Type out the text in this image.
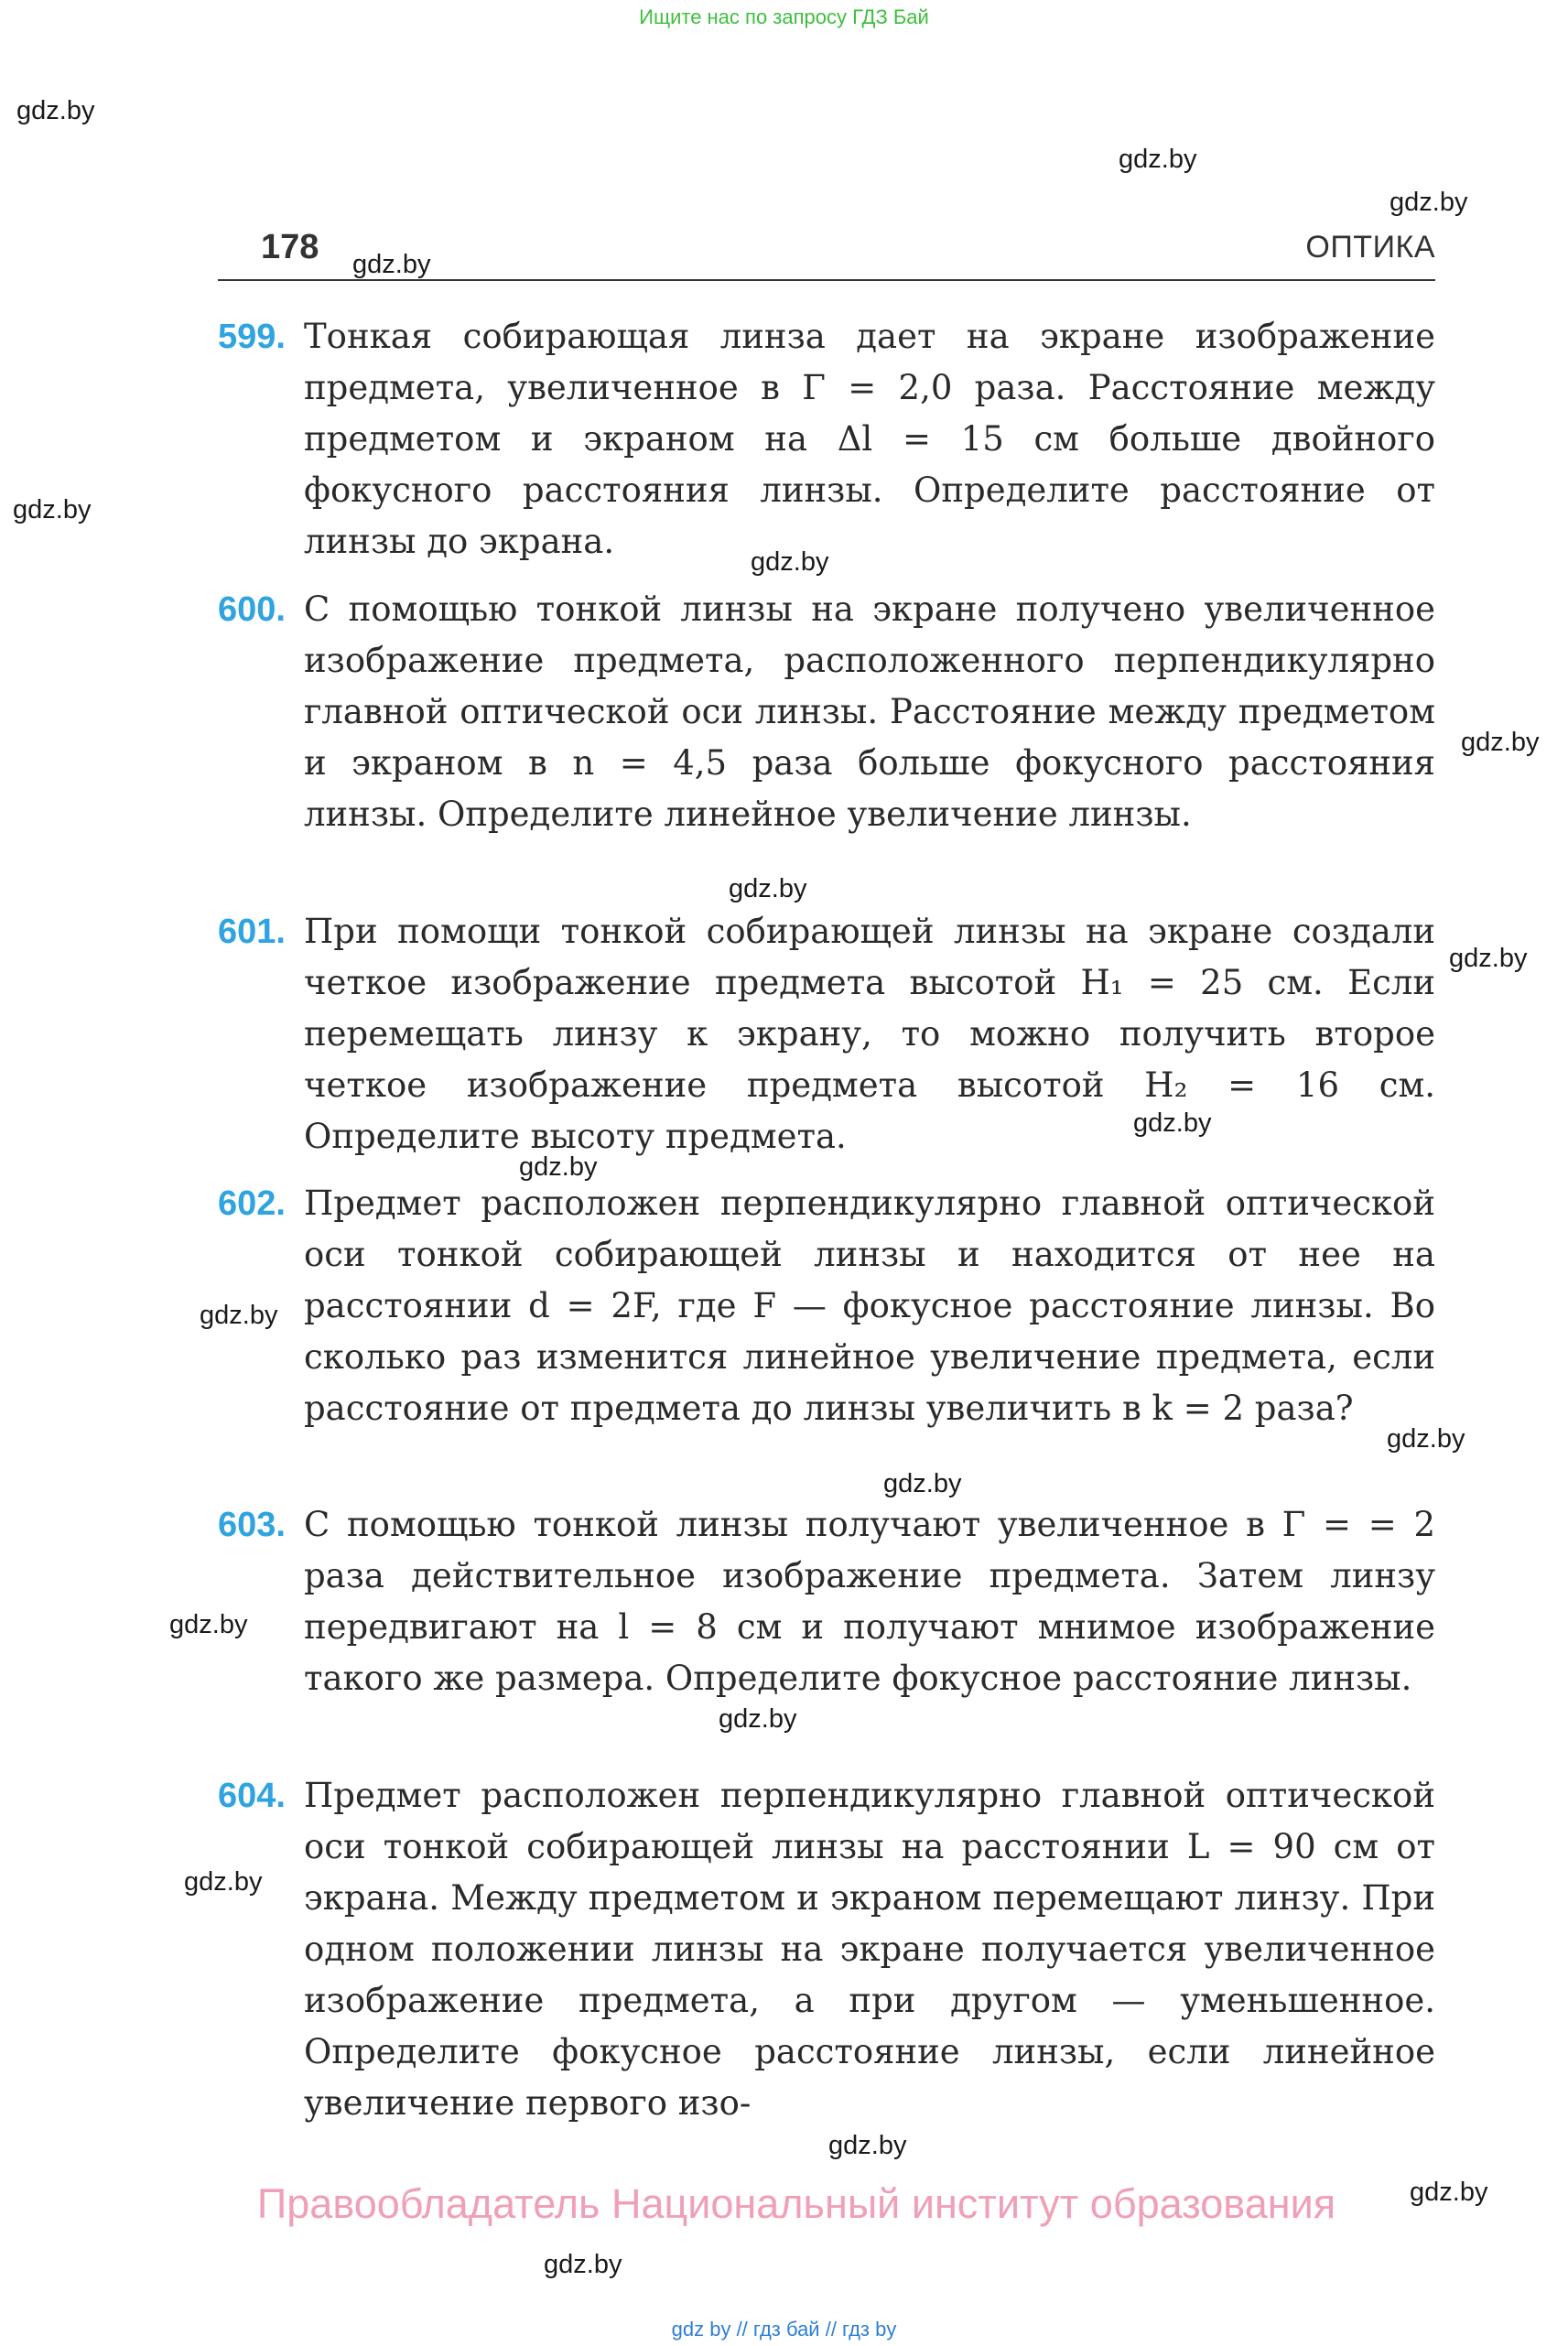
Ищите нас по запросу ГДЗ Бай
178	ОПТИКА
599. Тонкая собирающая линза дает на экране изображение предмета, увеличенное в Γ = 2,0 раза. Расстояние между предметом и экраном на Δl = 15 см больше двойного фокусного расстояния линзы. Определите расстояние от линзы до экрана.

600. С помощью тонкой линзы на экране получено увеличенное изображение предмета, расположенного перпендикулярно главной оптической оси линзы. Расстояние между предметом и экраном в n = 4,5 раза больше фокусного расстояния линзы. Определите линейное увеличение линзы.

601. При помощи тонкой собирающей линзы на экране создали четкое изображение предмета высотой H₁ = 25 см. Если перемещать линзу к экрану, то можно получить второе четкое изображение предмета высотой H₂ = 16 см. Определите высоту предмета.

602. Предмет расположен перпендикулярно главной оптической оси тонкой собирающей линзы и находится от нее на расстоянии d = 2F, где F — фокусное расстояние линзы. Во сколько раз изменится линейное увеличение предмета, если расстояние от предмета до линзы увеличить в k = 2 раза?

603. С помощью тонкой линзы получают увеличенное в Γ = = 2 раза действительное изображение предмета. Затем линзу передвигают на l = 8 см и получают мнимое изображение такого же размера. Определите фокусное расстояние линзы.

604. Предмет расположен перпендикулярно главной оптической оси тонкой собирающей линзы на расстоянии L = 90 см от экрана. Между предметом и экраном перемещают линзу. При одном положении линзы на экране получается увеличенное изображение предмета, а при другом — уменьшенное. Определите фокусное расстояние линзы, если линейное увеличение первого изо-

Правообладатель Национальный институт образования
gdz.by
gdz.by
gdz.by
gdz.by
gdz.by
gdz.by
gdz.by
gdz.by
gdz.by
gdz.by
gdz.by
gdz.by
gdz.by
gdz.by
gdz.by
gdz.by
gdz.by
gdz.by
gdz.by
gdz.by
gdz by // гдз бай // гдз by
